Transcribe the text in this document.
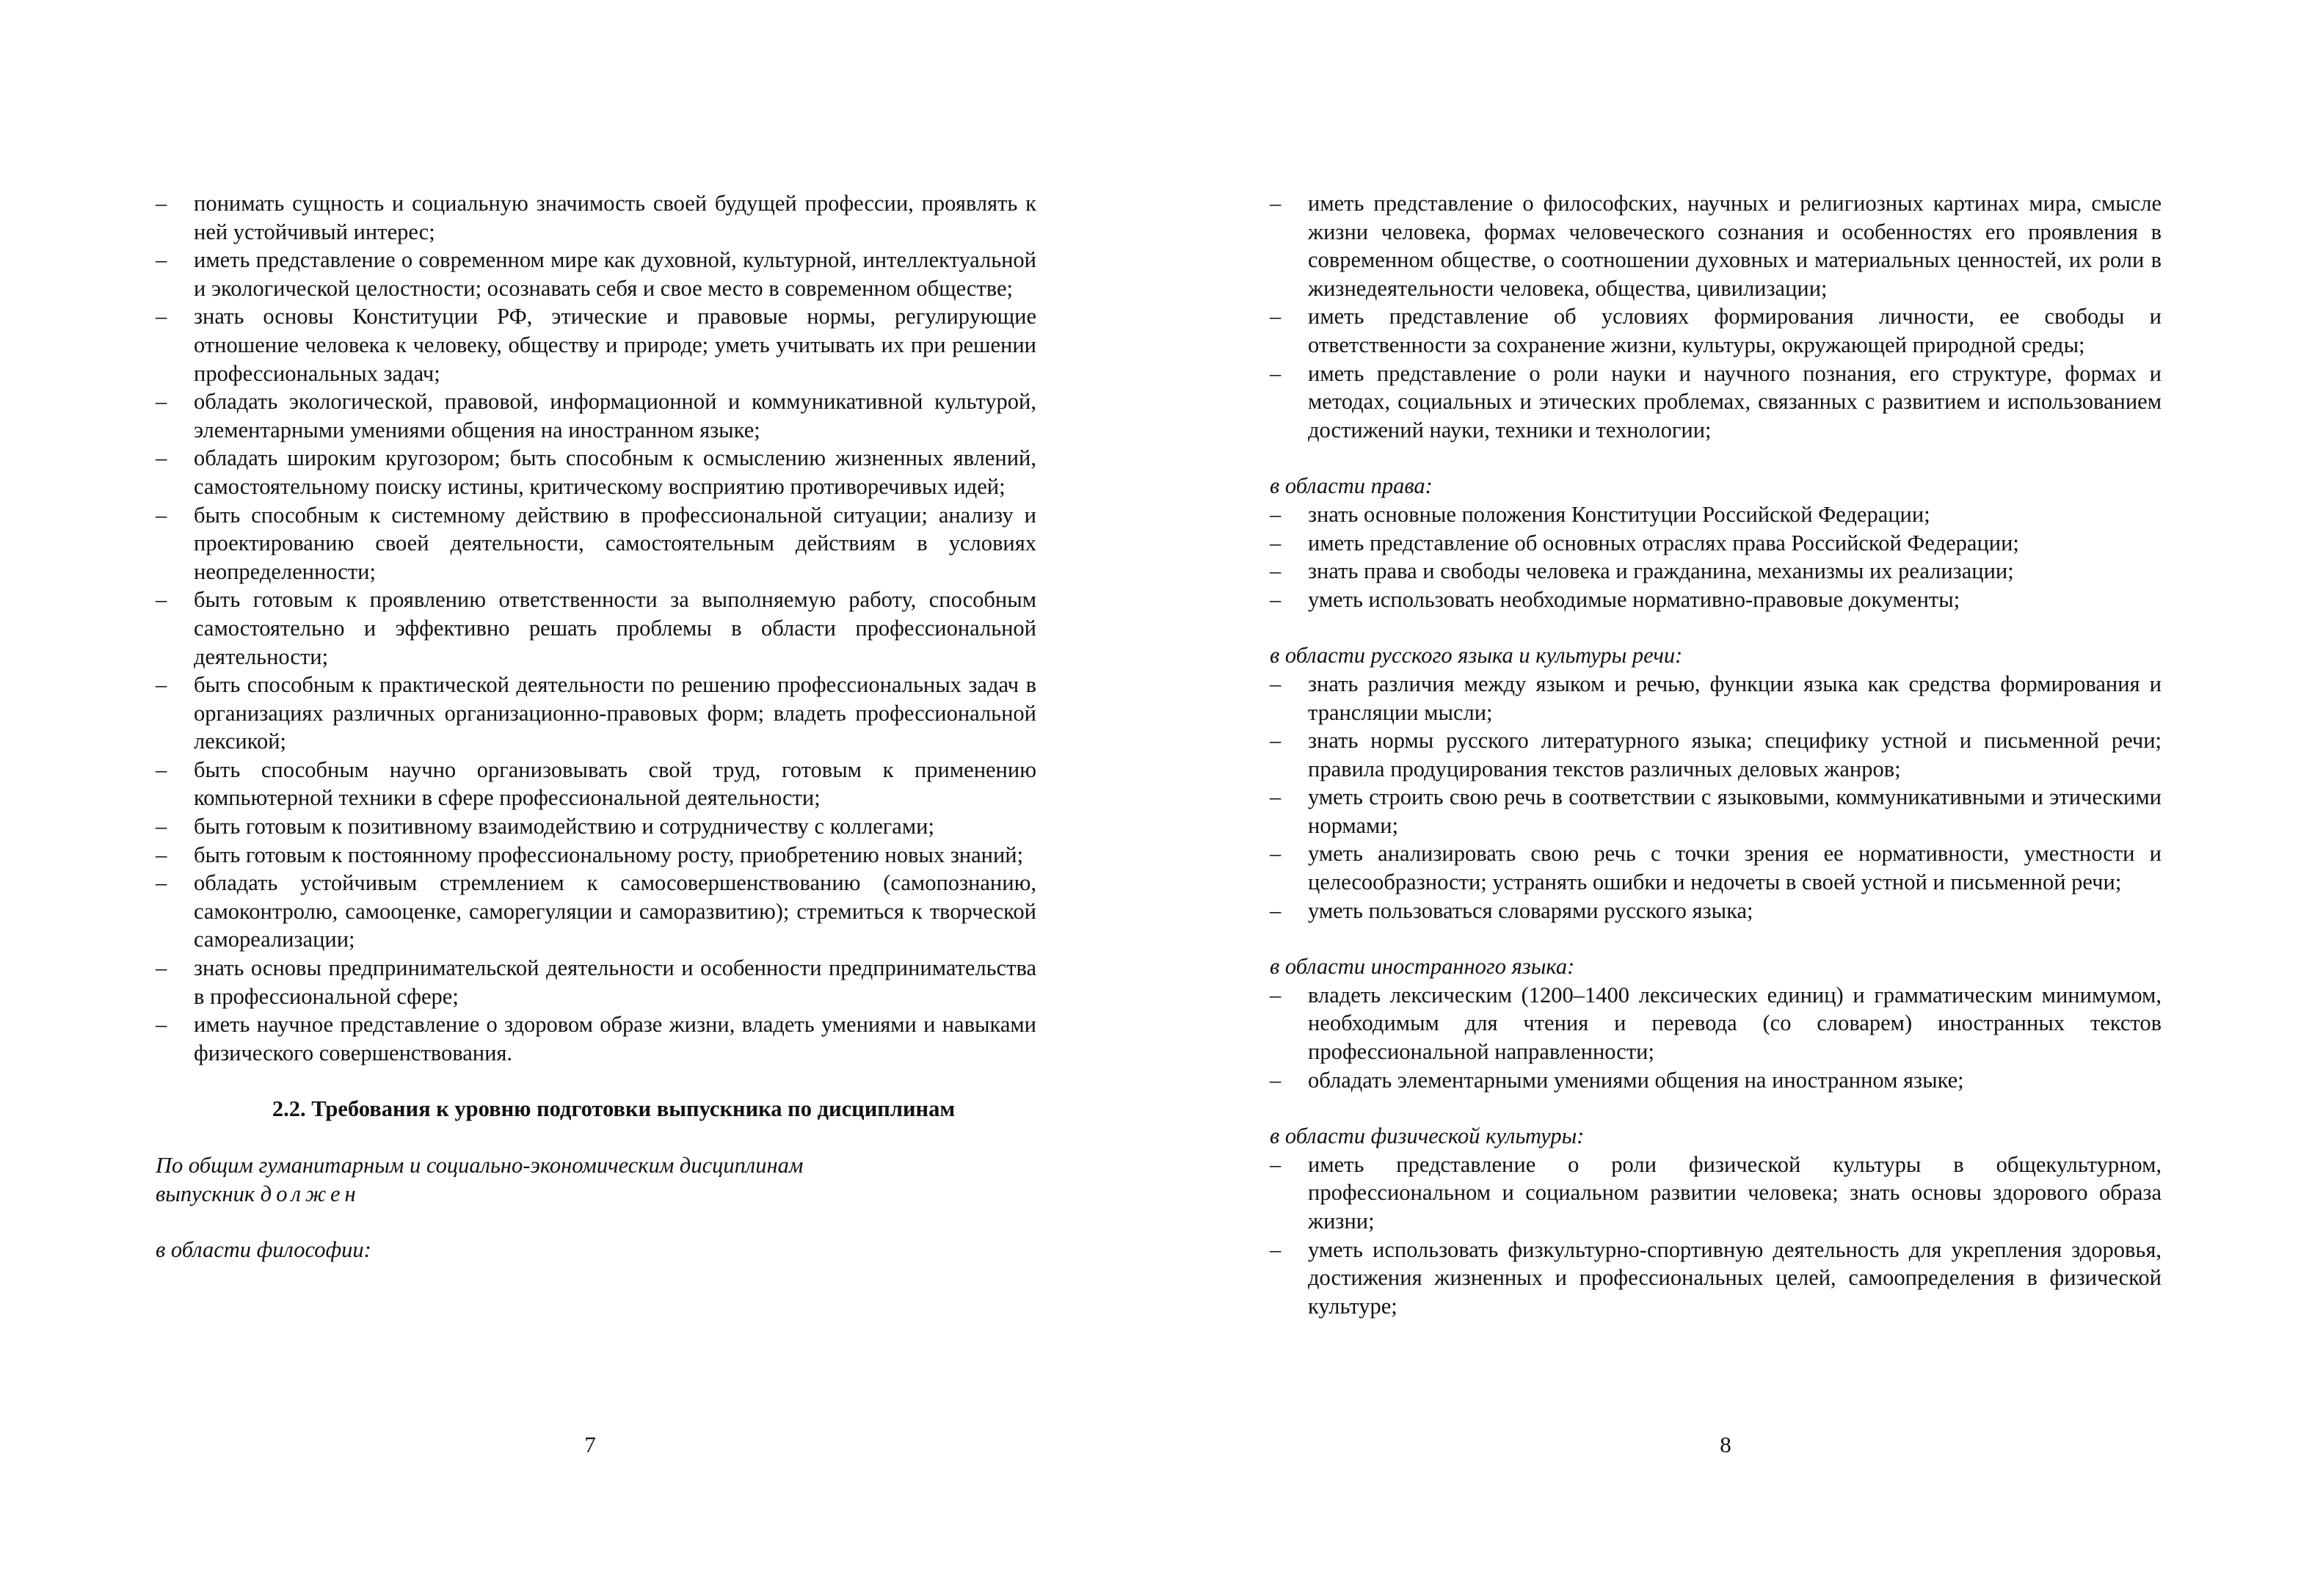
– понимать сущность и социальную значимость своей будущей профессии, проявлять к ней устойчивый интерес;
– иметь представление о современном мире как духовной, культурной, интеллектуальной и экологической целостности; осознавать себя и свое место в современном обществе;
– знать основы Конституции РФ, этические и правовые нормы, регулирующие отношение человека к человеку, обществу и природе; уметь учитывать их при решении профессиональных задач;
– обладать экологической, правовой, информационной и коммуникативной культурой, элементарными умениями общения на иностранном языке;
– обладать широким кругозором; быть способным к осмыслению жизненных явлений, самостоятельному поиску истины, критическому восприятию противоречивых идей;
– быть способным к системному действию в профессиональной ситуации; анализу и проектированию своей деятельности, самостоятельным действиям в условиях неопределенности;
– быть готовым к проявлению ответственности за выполняемую работу, способным самостоятельно и эффективно решать проблемы в области профессиональной деятельности;
– быть способным к практической деятельности по решению профессиональных задач в организациях различных организационно-правовых форм; владеть профессиональной лексикой;
– быть способным научно организовывать свой труд, готовым к применению компьютерной техники в сфере профессиональной деятельности;
– быть готовым к позитивному взаимодействию и сотрудничеству с коллегами;
– быть готовым к постоянному профессиональному росту, приобретению новых знаний;
– обладать устойчивым стремлением к самосовершенствованию (самопознанию, самоконтролю, самооценке, саморегуляции и саморазвитию); стремиться к творческой самореализации;
– знать основы предпринимательской деятельности и особенности предпринимательства в профессиональной сфере;
– иметь научное представление о здоровом образе жизни, владеть умениями и навыками физического совершенствования.

2.2. Требования к уровню подготовки выпускника по дисциплинам

По общим гуманитарным и социально-экономическим дисциплинам

выпускник должен

в области философии:

7
– иметь представление о философских, научных и религиозных картинах мира, смысле жизни человека, формах человеческого сознания и особенностях его проявления в современном обществе, о соотношении духовных и материальных ценностей, их роли в жизнедеятельности человека, общества, цивилизации;
– иметь представление об условиях формирования личности, ее свободы и ответственности за сохранение жизни, культуры, окружающей природной среды;
– иметь представление о роли науки и научного познания, его структуре, формах и методах, социальных и этических проблемах, связанных с развитием и использованием достижений науки, техники и технологии;

в области права:

– знать основные положения Конституции Российской Федерации;
– иметь представление об основных отраслях права Российской Федерации;
– знать права и свободы человека и гражданина, механизмы их реализации;
– уметь использовать необходимые нормативно-правовые документы;

в области русского языка и культуры речи:

– знать различия между языком и речью, функции языка как средства формирования и трансляции мысли;
– знать нормы русского литературного языка; специфику устной и письменной речи; правила продуцирования текстов различных деловых жанров;
– уметь строить свою речь в соответствии с языковыми, коммуникативными и этическими нормами;
– уметь анализировать свою речь с точки зрения ее нормативности, уместности и целесообразности; устранять ошибки и недочеты в своей устной и письменной речи;
– уметь пользоваться словарями русского языка;

в области иностранного языка:

– владеть лексическим (1200–1400 лексических единиц) и грамматическим минимумом, необходимым для чтения и перевода (со словарем) иностранных текстов профессиональной направленности;
– обладать элементарными умениями общения на иностранном языке;

в области физической культуры:

– иметь представление о роли физической культуры в общекультурном, профессиональном и социальном развитии человека; знать основы здорового образа жизни;
– уметь использовать физкультурно-спортивную деятельность для укрепления здоровья, достижения жизненных и профессиональных целей, самоопределения в физической культуре;
8
